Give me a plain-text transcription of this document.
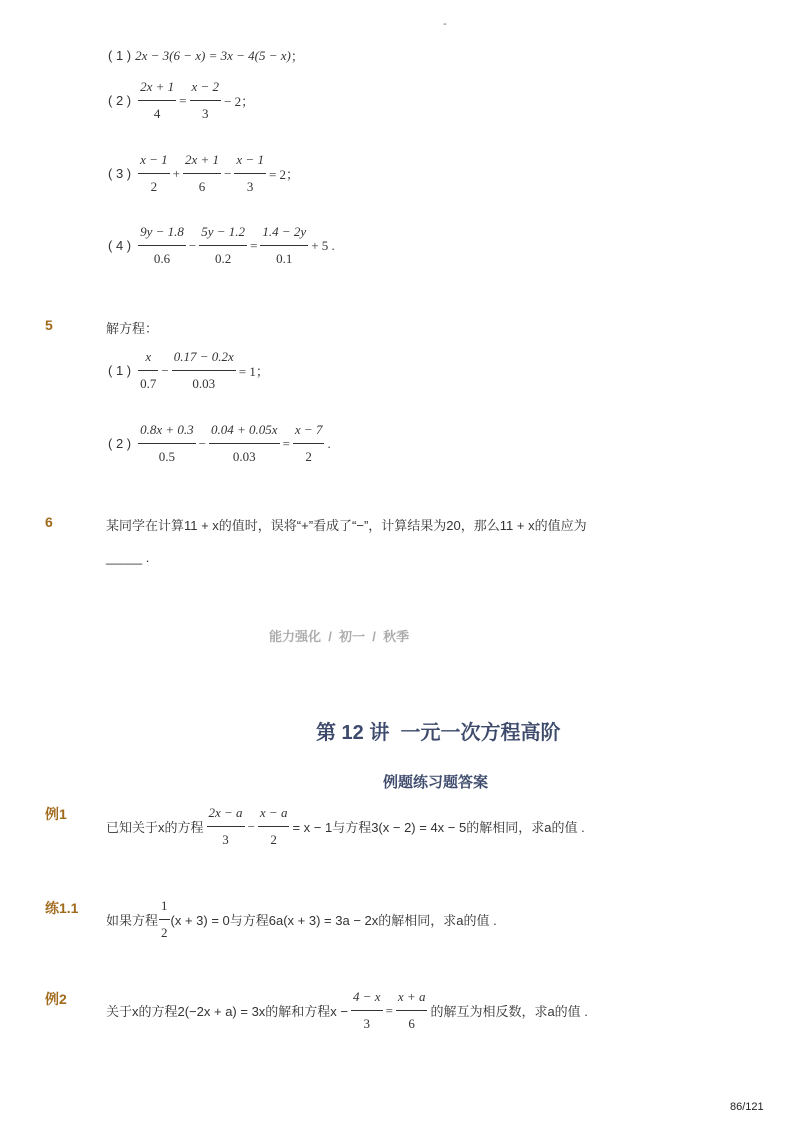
-
( 1 ) 2x − 3(6 − x) = 3x − 4(5 − x) ；
( 2 ) $\frac{2x + 1}{4} = \frac{x - 2}{3} - 2$；
( 3 ) $\frac{x - 1}{2} + \frac{2x + 1}{6} - \frac{x - 1}{3} = 2$；
( 4 ) $\frac{9y - 1.8}{0.6} - \frac{5y - 1.2}{0.2} = \frac{1.4 - 2y}{0.1} + 5$ .
5	解方程：
( 1 ) $\frac{x}{0.7} - \frac{0.17 - 0.2x}{0.03} = 1$；
( 2 ) $\frac{0.8x + 0.3}{0.5} - \frac{0.04 + 0.05x}{0.03} = \frac{x - 7}{2}$ .
6	某同学在计算11 + x的值时，误将“+”看成了“−”，计算结果为20，那么11 + x的值应为
_____ .
能力强化  /  初一  /  秋季
第 12 讲  一元一次方程高阶
例题练习题答案
例1
已知关于x的方程 $\frac{2x - a}{3} - \frac{x - a}{2} = x - 1$与方程3(x − 2) = 4x − 5的解相同，求a的值 .
练1.1
如果方程 $\frac{1}{2} (x + 3) = 0$与方程6a(x + 3) = 3a − 2x的解相同，求a的值 .
例2
关于x的方程2(−2x + a) = 3x的解和方程$x - \frac{4 - x}{3} = \frac{x + a}{6}$ 的解互为相反数，求a的值 .
86/121
